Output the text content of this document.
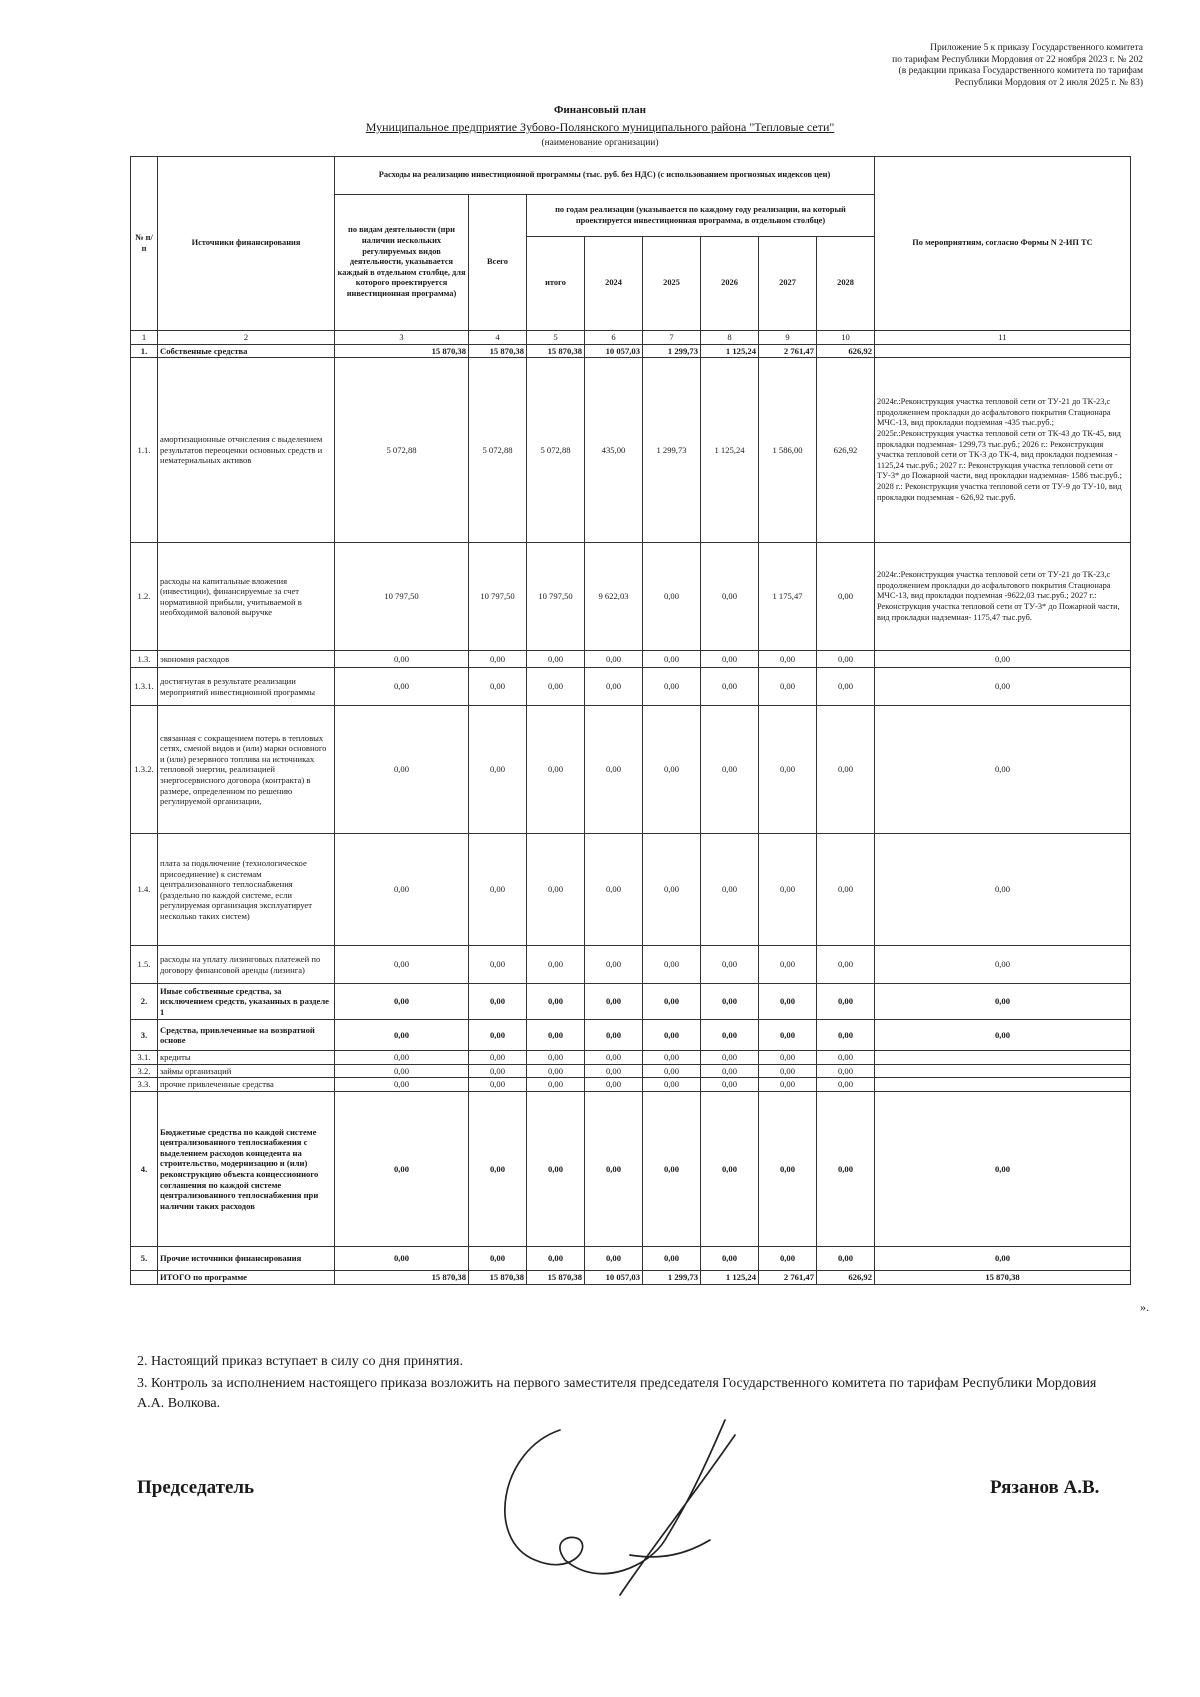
Приложение 5 к приказу Государственного комитета
по тарифам Республики Мордовия от 22 ноября 2023 г. № 202
(в редакции приказа Государственного комитета по тарифам
Республики Мордовия от 2 июля 2025 г. № 83)
Финансовый план
Муниципальное предприятие Зубово-Полянского муниципального района "Тепловые сети"
(наименование организации)
№ п/п	Источники финансирования	Расходы на реализацию инвестиционной программы (тыс. руб. без НДС) (с использованием прогнозных индексов цен)								По мероприятиям, согласно Формы N 2-ИП ТС
		по видам деятельности (при наличии нескольких регулируемых видов деятельности, указывается каждый в отдельном столбце, для которого проектируется инвестиционная программа)	Всего	по годам реализации (указывается по каждому году реализации, на который проектируется инвестиционная программа, в отдельном столбце)						
				итого	2024	2025	2026	2027	2028	
1	2	3	4	5	6	7	8	9	10	11
1.	Собственные средства	15 870,38	15 870,38	15 870,38	10 057,03	1 299,73	1 125,24	2 761,47	626,92	
1.1.	амортизационные отчисления с выделением результатов переоценки основных средств и нематериальных активов	5 072,88	5 072,88	5 072,88	435,00	1 299,73	1 125,24	1 586,00	626,92	2024г.:Реконструкция участка тепловой сети от ТУ-21 до ТК-23,с продолжением прокладки до асфальтового покрытия Стационара МЧС-13, вид прокладки подземная -435 тыс.руб.; 2025г.:Реконструкция участка тепловой сети от ТК-43 до ТК-45, вид прокладки подземная- 1299,73 тыс.руб.; 2026 г.: Реконструкция участка тепловой сети от ТК-3 до ТК-4, вид прокладки подземная - 1125,24 тыс.руб.; 2027 г.: Реконструкция участка тепловой сети от ТУ-3* до Пожарной части, вид прокладки надземная- 1586 тыс.руб.; 2028 г.: Реконструкция участка тепловой сети от ТУ-9 до ТУ-10, вид прокладки подземная - 626,92 тыс.руб.
1.2.	расходы на капитальные вложения (инвестиции), финансируемые за счет нормативной прибыли, учитываемой в необходимой валовой выручке	10 797,50	10 797,50	10 797,50	9 622,03	0,00	0,00	1 175,47	0,00	2024г.:Реконструкция участка тепловой сети от ТУ-21 до ТК-23,с продолжением прокладки до асфальтового покрытия Стационара МЧС-13, вид прокладки подземная -9622,03 тыс.руб.; 2027 г.: Реконструкция участка тепловой сети от ТУ-3* до Пожарной части, вид прокладки надземная- 1175,47 тыс.руб.
1.3.	экономия расходов	0,00	0,00	0,00	0,00	0,00	0,00	0,00	0,00	0,00
1.3.1.	достигнутая в результате реализации мероприятий инвестиционной программы	0,00	0,00	0,00	0,00	0,00	0,00	0,00	0,00	0,00
1.3.2.	связанная с сокращением потерь в тепловых сетях, сменой видов и (или) марки основного и (или) резервного топлива на источниках тепловой энергии, реализацией энергосервисного договора (контракта) в размере, определенном по решению регулируемой организации,	0,00	0,00	0,00	0,00	0,00	0,00	0,00	0,00	0,00
1.4.	плата за подключение (технологическое присоединение) к системам централизованного теплоснабжения (раздельно по каждой системе, если регулируемая организация эксплуатирует несколько таких систем)	0,00	0,00	0,00	0,00	0,00	0,00	0,00	0,00	0,00
1.5.	расходы на уплату лизинговых платежей по договору финансовой аренды (лизинга)	0,00	0,00	0,00	0,00	0,00	0,00	0,00	0,00	0,00
2.	Иные собственные средства, за исключением средств, указанных в разделе 1	0,00	0,00	0,00	0,00	0,00	0,00	0,00	0,00	0,00
3.	Средства, привлеченные на возвратной основе	0,00	0,00	0,00	0,00	0,00	0,00	0,00	0,00	0,00
3.1.	кредиты	0,00	0,00	0,00	0,00	0,00	0,00	0,00	0,00	
3.2.	займы организаций	0,00	0,00	0,00	0,00	0,00	0,00	0,00	0,00	
3.3.	прочие привлеченные средства	0,00	0,00	0,00	0,00	0,00	0,00	0,00	0,00	
4.	Бюджетные средства по каждой системе централизованного теплоснабжения с выделением расходов концедента на строительство, модернизацию и (или) реконструкцию объекта концессионного соглашения по каждой системе централизованного теплоснабжения при наличии таких расходов	0,00	0,00	0,00	0,00	0,00	0,00	0,00	0,00	0,00
5.	Прочие источники финансирования	0,00	0,00	0,00	0,00	0,00	0,00	0,00	0,00	0,00
	ИТОГО по программе	15 870,38	15 870,38	15 870,38	10 057,03	1 299,73	1 125,24	2 761,47	626,92	15 870,38
».
2. Настоящий приказ вступает в силу со дня принятия.
3. Контроль за исполнением настоящего приказа возложить на первого заместителя председателя Государственного комитета по тарифам Республики Мордовия А.А. Волкова.
Председатель	Рязанов А.В.
